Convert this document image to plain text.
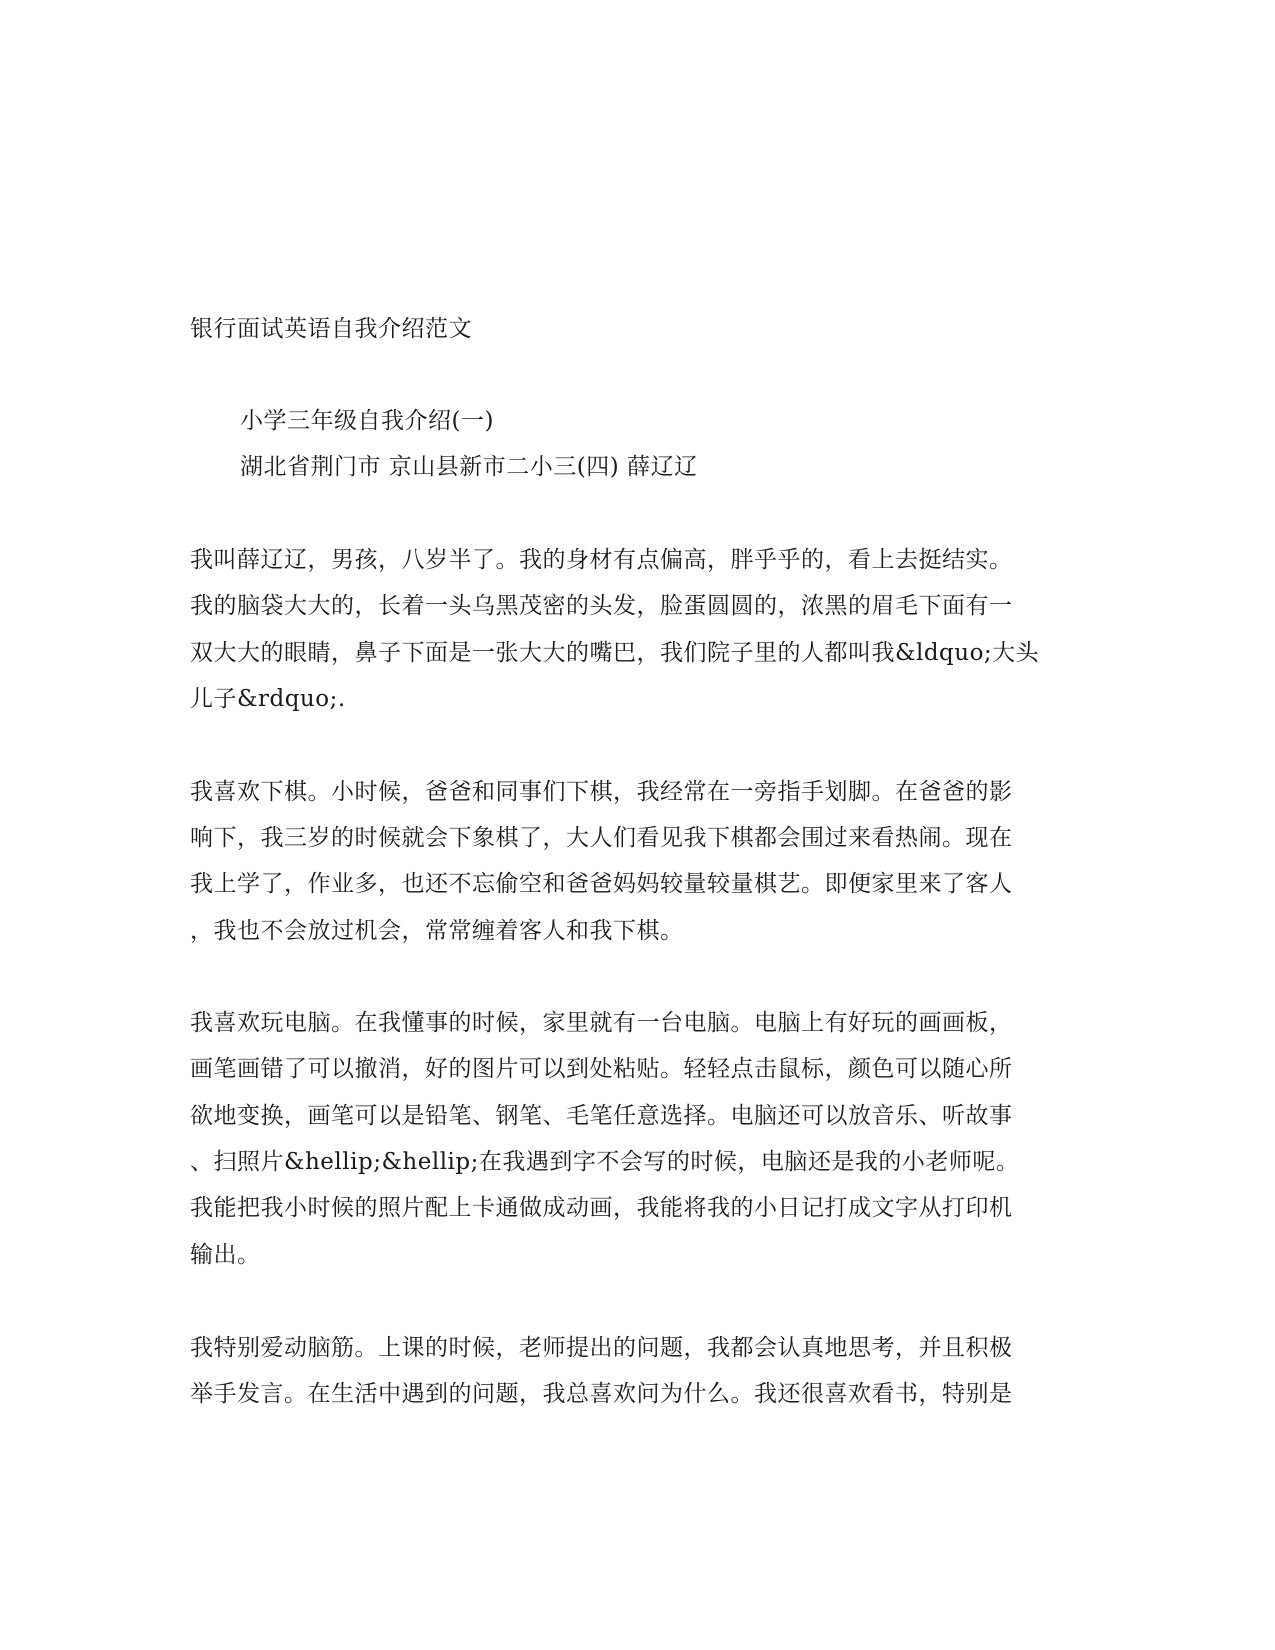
银行面试英语自我介绍范文
小学三年级自我介绍(一)
湖北省荆门市 京山县新市二小三(四) 薛辽辽
我叫薛辽辽，男孩，八岁半了。我的身材有点偏高，胖乎乎的，看上去挺结实。
我的脑袋大大的，长着一头乌黑茂密的头发，脸蛋圆圆的，浓黑的眉毛下面有一
双大大的眼睛，鼻子下面是一张大大的嘴巴，我们院子里的人都叫我&ldquo;大头
儿子&rdquo;.
我喜欢下棋。小时候，爸爸和同事们下棋，我经常在一旁指手划脚。在爸爸的影
响下，我三岁的时候就会下象棋了，大人们看见我下棋都会围过来看热闹。现在
我上学了，作业多，也还不忘偷空和爸爸妈妈较量较量棋艺。即便家里来了客人
，我也不会放过机会，常常缠着客人和我下棋。
我喜欢玩电脑。在我懂事的时候，家里就有一台电脑。电脑上有好玩的画画板，
画笔画错了可以撤消，好的图片可以到处粘贴。轻轻点击鼠标，颜色可以随心所
欲地变换，画笔可以是铅笔、钢笔、毛笔任意选择。电脑还可以放音乐、听故事
、扫照片&hellip;&hellip;在我遇到字不会写的时候，电脑还是我的小老师呢。
我能把我小时候的照片配上卡通做成动画，我能将我的小日记打成文字从打印机
输出。
我特别爱动脑筋。上课的时候，老师提出的问题，我都会认真地思考，并且积极
举手发言。在生活中遇到的问题，我总喜欢问为什么。我还很喜欢看书，特别是
